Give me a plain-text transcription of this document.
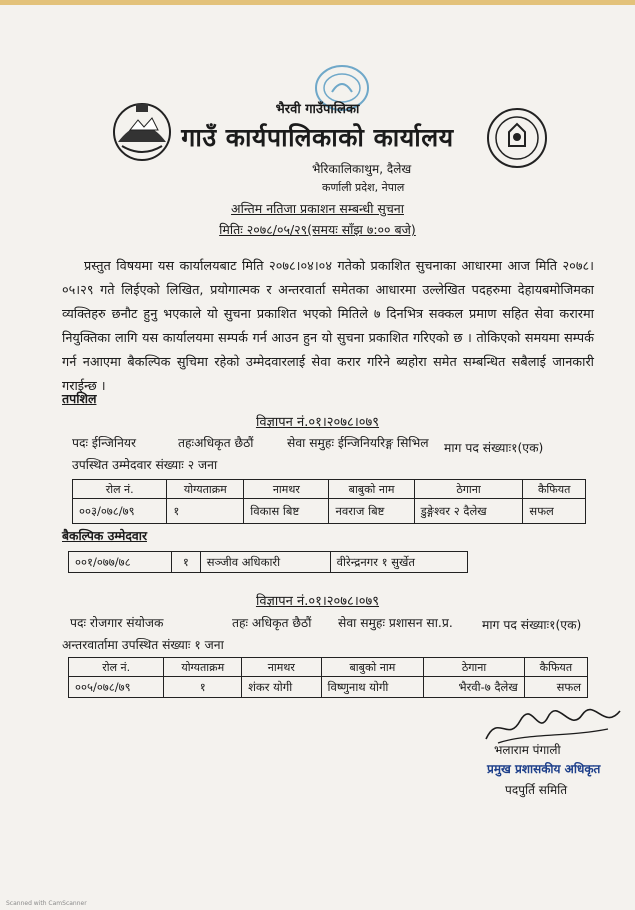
भैरवी गाउँपालिका
गाउँ कार्यपालिकाको कार्यालय
भैरिकालिकाथुम, दैलेख
कर्णाली प्रदेश, नेपाल
अन्तिम नतिजा प्रकाशन सम्बन्धी सुचना
मितिः २०७८/०५/२९(समयः साँझ ७:०० बजे)
प्रस्तुत विषयमा यस कार्यालयबाट मिति २०७८।०४।०४ गतेको प्रकाशित सुचनाका आधारमा आज मिति २०७८।०५।२९ गते लिईएको लिखित, प्रयोगात्मक र अन्तरवार्ता समेतका आधारमा उल्लेखित पदहरुमा देहायबमोजिमका व्यक्तिहरु छनौट हुनु भएकाले यो सुचना प्रकाशित भएको मितिले ७ दिनभित्र सक्कल प्रमाण सहित सेवा करारमा नियुक्तिका लागि यस कार्यालयमा सम्पर्क गर्न आउन हुन यो सुचना प्रकाशित गरिएको छ । तोकिएको समयमा सम्पर्क गर्न नआएमा बैकल्पिक सुचिमा रहेको उम्मेदवारलाई सेवा करार गरिने ब्यहोरा समेत सम्बन्धित सबैलाई जानकारी गराईन्छ ।
तपशिल
विज्ञापन नं.०१।२०७८।०७९
पदः ईन्जिनियर	तहःअधिकृत छैठौं	सेवा समुहः ईन्जिनियरिङ्ग सिभिल माग पद संख्याः१(एक)
उपस्थित उम्मेदवार संख्याः २ जना
रोल नं.	योग्यताक्रम	नामथर	बाबुको नाम	ठेगाना	कैफियत
००३/०७८/७९	१	विकास बिष्ट	नवराज बिष्ट	डुङ्गेश्वर २ दैलेख	सफल
बैकल्पिक उम्मेदवार
००१/०७७/७८	१	सञ्जीव अधिकारी	वीरेन्द्रनगर १ सुर्खेत
विज्ञापन नं.०१।२०७८।०७९
पदः रोजगार संयोजक	तहः अधिकृत छैठौं सेवा समुहः प्रशासन सा.प्र. माग पद संख्याः१(एक)
अन्तरवार्तामा उपस्थित संख्याः १ जना
रोल नं.	योग्यताक्रम	नामथर	बाबुको नाम	ठेगाना	कैफियत
००५/०७८/७९	१	शंकर योगी	विष्णुनाथ योगी	भैरवी-७ दैलेख	सफल
भलाराम पंगाली
प्रमुख प्रशासकीय अधिकृत
पदपुर्ति समिति
Scanned with CamScanner
